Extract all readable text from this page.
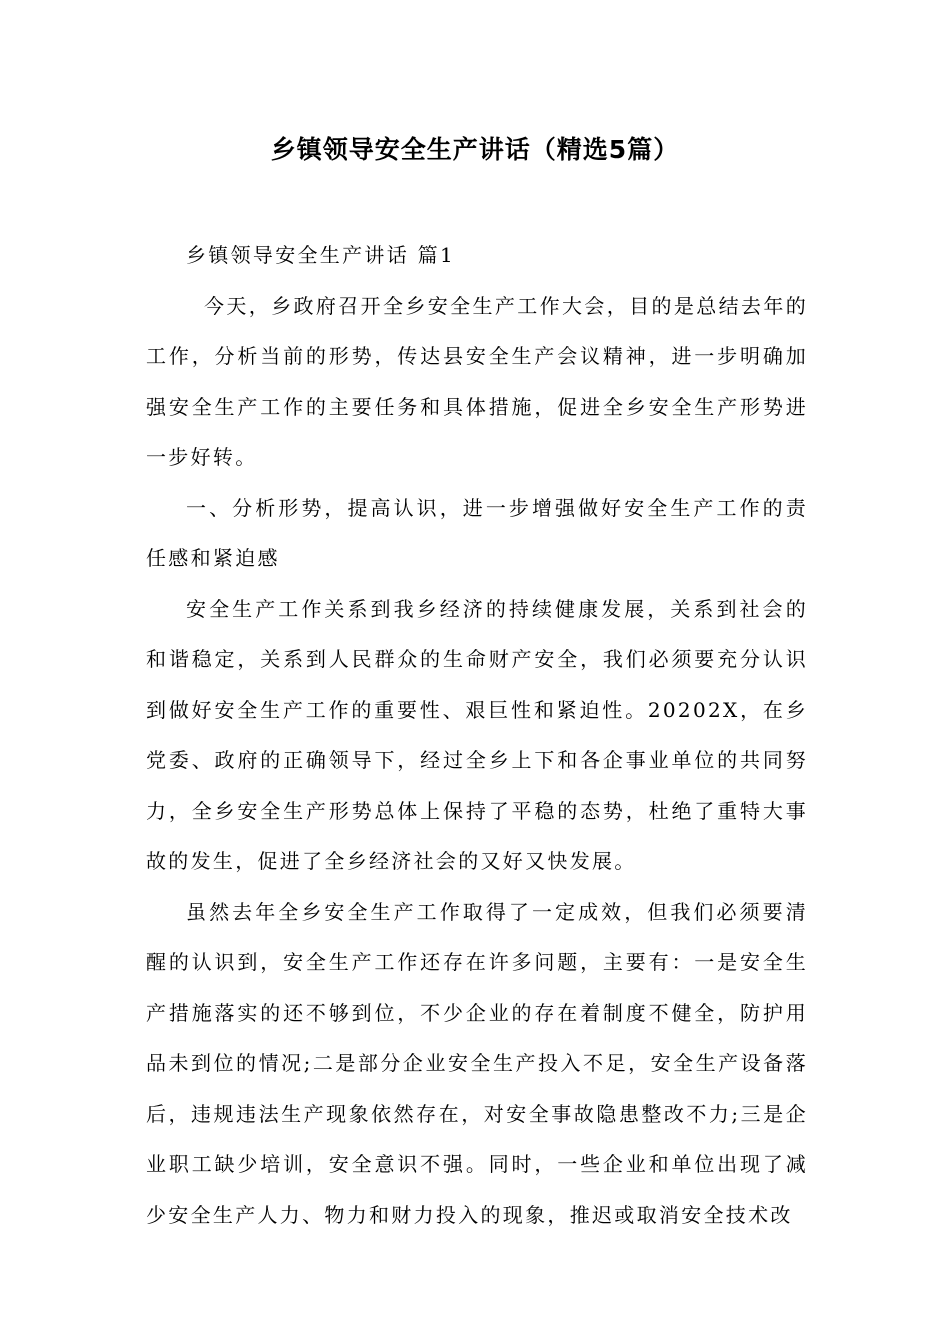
乡镇领导安全生产讲话（精选5篇）

乡镇领导安全生产讲话 篇1

今天，乡政府召开全乡安全生产工作大会，目的是总结去年的工作，分析当前的形势，传达县安全生产会议精神，进一步明确加强安全生产工作的主要任务和具体措施，促进全乡安全生产形势进一步好转。

一、分析形势，提高认识，进一步增强做好安全生产工作的责任感和紧迫感

安全生产工作关系到我乡经济的持续健康发展，关系到社会的和谐稳定，关系到人民群众的生命财产安全，我们必须要充分认识到做好安全生产工作的重要性、艰巨性和紧迫性。20202X，在乡党委、政府的正确领导下，经过全乡上下和各企事业单位的共同努力，全乡安全生产形势总体上保持了平稳的态势，杜绝了重特大事故的发生，促进了全乡经济社会的又好又快发展。

虽然去年全乡安全生产工作取得了一定成效，但我们必须要清醒的认识到，安全生产工作还存在许多问题，主要有：一是安全生产措施落实的还不够到位，不少企业的存在着制度不健全，防护用品未到位的情况;二是部分企业安全生产投入不足，安全生产设备落后，违规违法生产现象依然存在，对安全事故隐患整改不力;三是企业职工缺少培训，安全意识不强。同时，一些企业和单位出现了减少安全生产人力、物力和财力投入的现象，推迟或取消安全技术改
